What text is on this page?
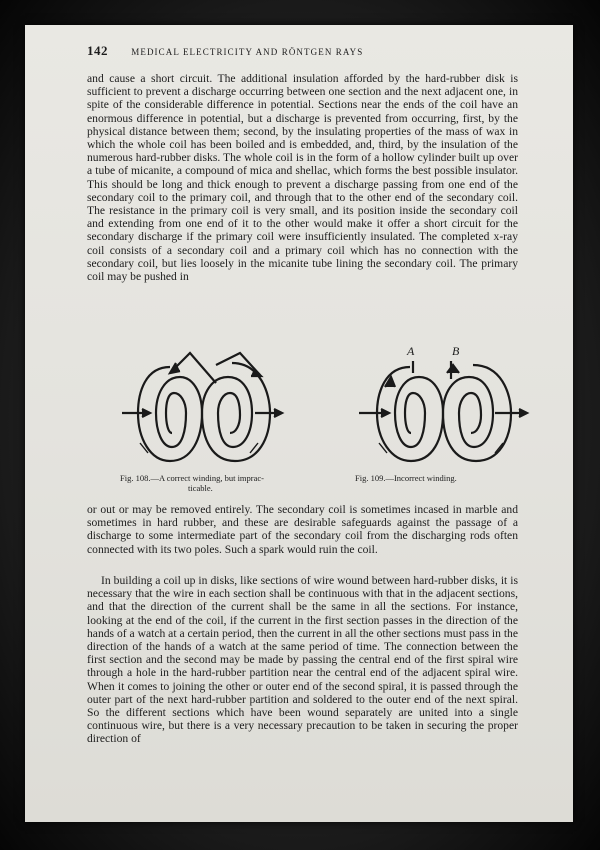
142	MEDICAL ELECTRICITY AND RÖNTGEN RAYS

and cause a short circuit. The additional insulation afforded by the hard-rubber disk is sufficient to prevent a discharge occurring between one section and the next adjacent one, in spite of the considerable difference in potential. Sections near the ends of the coil have an enormous difference in potential, but a discharge is prevented from occurring, first, by the physical distance between them; second, by the insulating properties of the mass of wax in which the whole coil has been boiled and is embedded, and, third, by the insulation of the numerous hard-rubber disks. The whole coil is in the form of a hollow cylinder built up over a tube of micanite, a compound of mica and shellac, which forms the best possible insulator. This should be long and thick enough to prevent a discharge passing from one end of the secondary coil to the primary coil, and through that to the other end of the secondary coil. The resistance in the primary coil is very small, and its position inside the secondary coil and extending from one end of it to the other would make it offer a short circuit for the secondary discharge if the primary coil were insufficiently insulated. The completed x-ray coil consists of a secondary coil and a primary coil which has no connection with the secondary coil, but lies loosely in the micanite tube lining the secondary coil. The primary coil may be pushed in

Fig. 108.—A correct winding, but imprac-
ticable.
A	B
Fig. 109.—Incorrect winding.

or out or may be removed entirely. The secondary coil is sometimes incased in marble and sometimes in hard rubber, and these are desirable safeguards against the passage of a discharge to some intermediate part of the secondary coil from the discharging rods often connected with its two poles. Such a spark would ruin the coil.

In building a coil up in disks, like sections of wire wound between hard-rubber disks, it is necessary that the wire in each section shall be continuous with that in the adjacent sections, and that the direction of the current shall be the same in all the sections. For instance, looking at the end of the coil, if the current in the first section passes in the direction of the hands of a watch at a certain period, then the current in all the other sections must pass in the direction of the hands of a watch at the same period of time. The connection between the first section and the second may be made by passing the central end of the first spiral wire through a hole in the hard-rubber partition near the central end of the adjacent spiral wire. When it comes to joining the other or outer end of the second spiral, it is passed through the outer part of the next hard-rubber partition and soldered to the outer end of the next spiral. So the different sections which have been wound separately are united into a single continuous wire, but there is a very necessary precaution to be taken in securing the proper direction of
